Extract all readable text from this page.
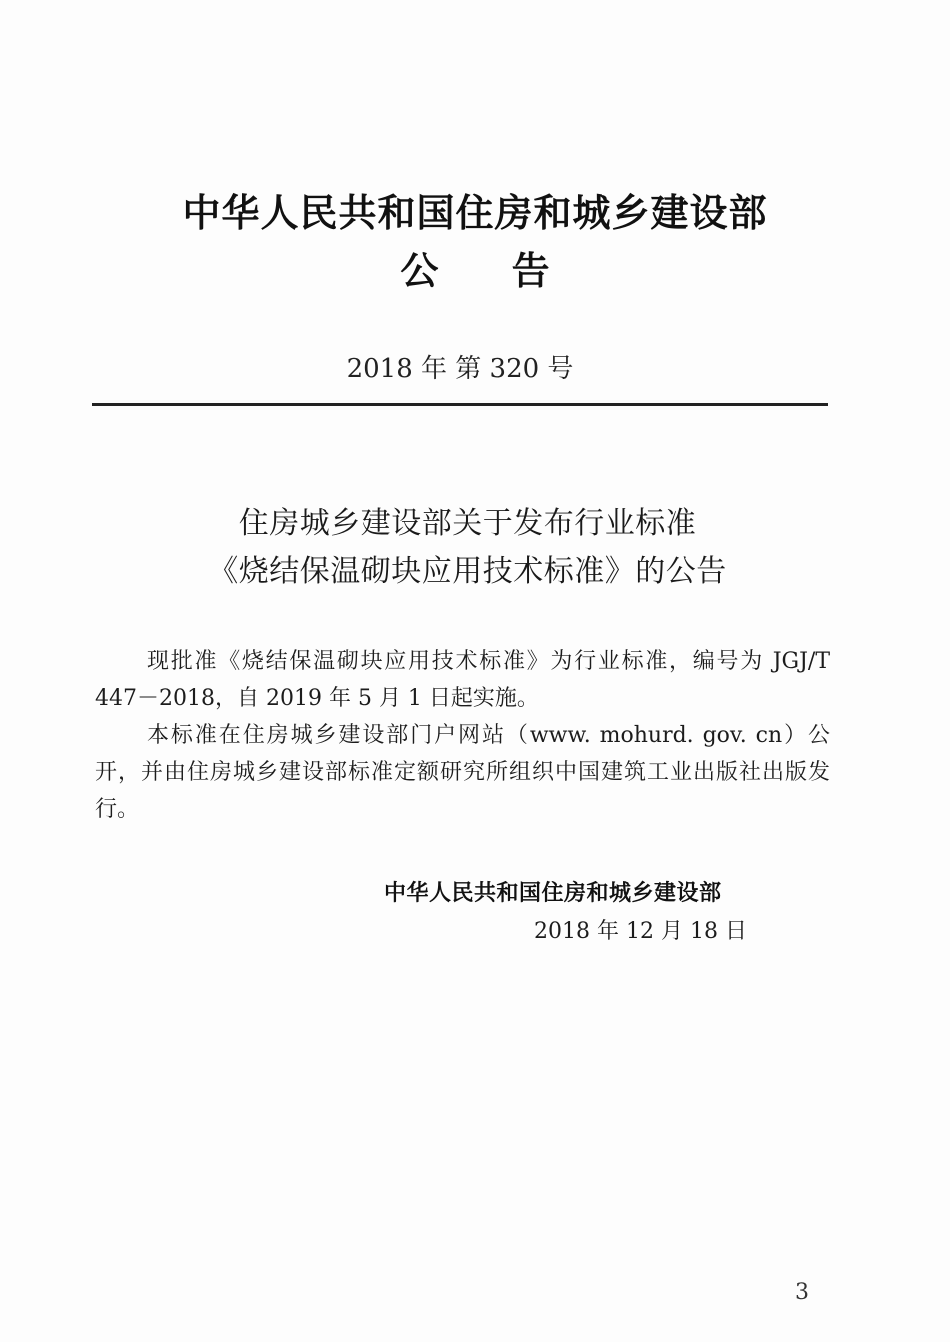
中华人民共和国住房和城乡建设部
公 告
2018 年 第 320 号
住房城乡建设部关于发布行业标准
《烧结保温砌块应用技术标准》的公告

现批准《烧结保温砌块应用技术标准》为行业标准，编号为 JGJ/T 447－2018，自 2019 年 5 月 1 日起实施。

本标准在住房城乡建设部门户网站（www. mohurd. gov. cn）公开，并由住房城乡建设部标准定额研究所组织中国建筑工业出版社出版发行。

中华人民共和国住房和城乡建设部
2018 年 12 月 18 日
3
